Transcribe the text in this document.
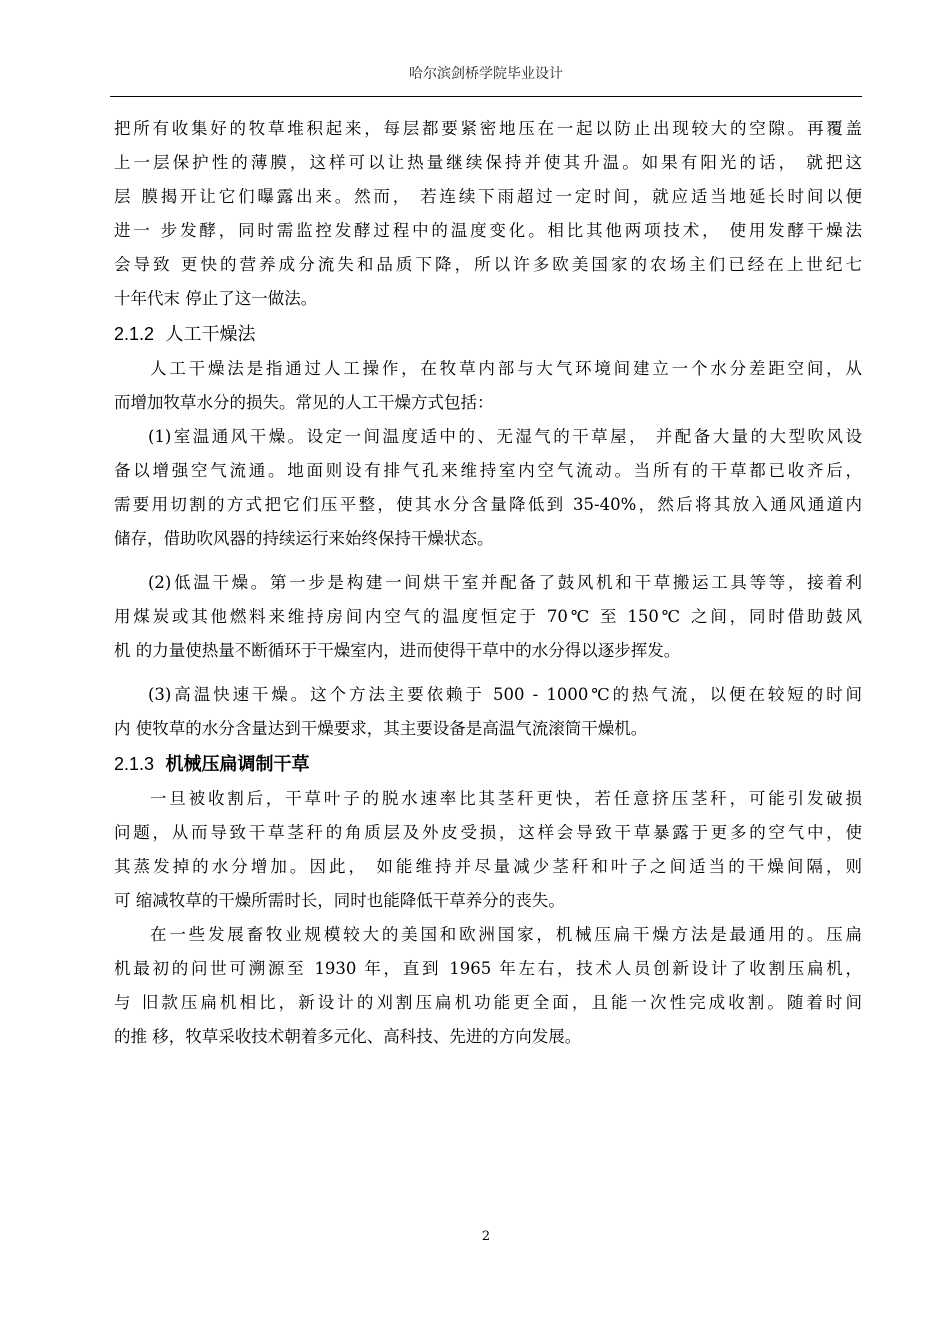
哈尔滨剑桥学院毕业设计
把所有收集好的牧草堆积起来，每层都要紧密地压在一起以防止出现较大的空隙。再覆盖
上一层保护性的薄膜，这样可以让热量继续保持并使其升温。如果有阳光的话， 就把这
层 膜揭开让它们曝露出来。然而， 若连续下雨超过一定时间，就应适当地延长时间以便
进一 步发酵，同时需监控发酵过程中的温度变化。相比其他两项技术， 使用发酵干燥法
会导致 更快的营养成分流失和品质下降，所以许多欧美国家的农场主们已经在上世纪七
十年代末 停止了这一做法。
2.1.2 人工干燥法
人工干燥法是指通过人工操作，在牧草内部与大气环境间建立一个水分差距空间，从
而增加牧草水分的损失。常见的人工干燥方式包括：
(1)室温通风干燥。设定一间温度适中的、无湿气的干草屋， 并配备大量的大型吹风设
备以增强空气流通。地面则设有排气孔来维持室内空气流动。当所有的干草都已收齐后，
需要用切割的方式把它们压平整，使其水分含量降低到 35-40%，然后将其放入通风通道内
储存，借助吹风器的持续运行来始终保持干燥状态。
(2)低温干燥。第一步是构建一间烘干室并配备了鼓风机和干草搬运工具等等，接着利
用煤炭或其他燃料来维持房间内空气的温度恒定于 70℃ 至 150℃ 之间，同时借助鼓风
机 的力量使热量不断循环于干燥室内，进而使得干草中的水分得以逐步挥发。
(3)高温快速干燥。这个方法主要依赖于 500 - 1000℃的热气流，以便在较短的时间
内 使牧草的水分含量达到干燥要求，其主要设备是高温气流滚筒干燥机。
2.1.3 机械压扁调制干草
一旦被收割后，干草叶子的脱水速率比其茎秆更快，若任意挤压茎秆，可能引发破损
问题，从而导致干草茎秆的角质层及外皮受损，这样会导致干草暴露于更多的空气中，使
其蒸发掉的水分增加。因此， 如能维持并尽量减少茎秆和叶子之间适当的干燥间隔，则
可 缩减牧草的干燥所需时长，同时也能降低干草养分的丧失。
在一些发展畜牧业规模较大的美国和欧洲国家，机械压扁干燥方法是最通用的。压扁
机最初的问世可溯源至 1930 年，直到 1965 年左右，技术人员创新设计了收割压扁机，
与 旧款压扁机相比，新设计的刈割压扁机功能更全面，且能一次性完成收割。随着时间
的推 移，牧草采收技术朝着多元化、高科技、先进的方向发展。
2
